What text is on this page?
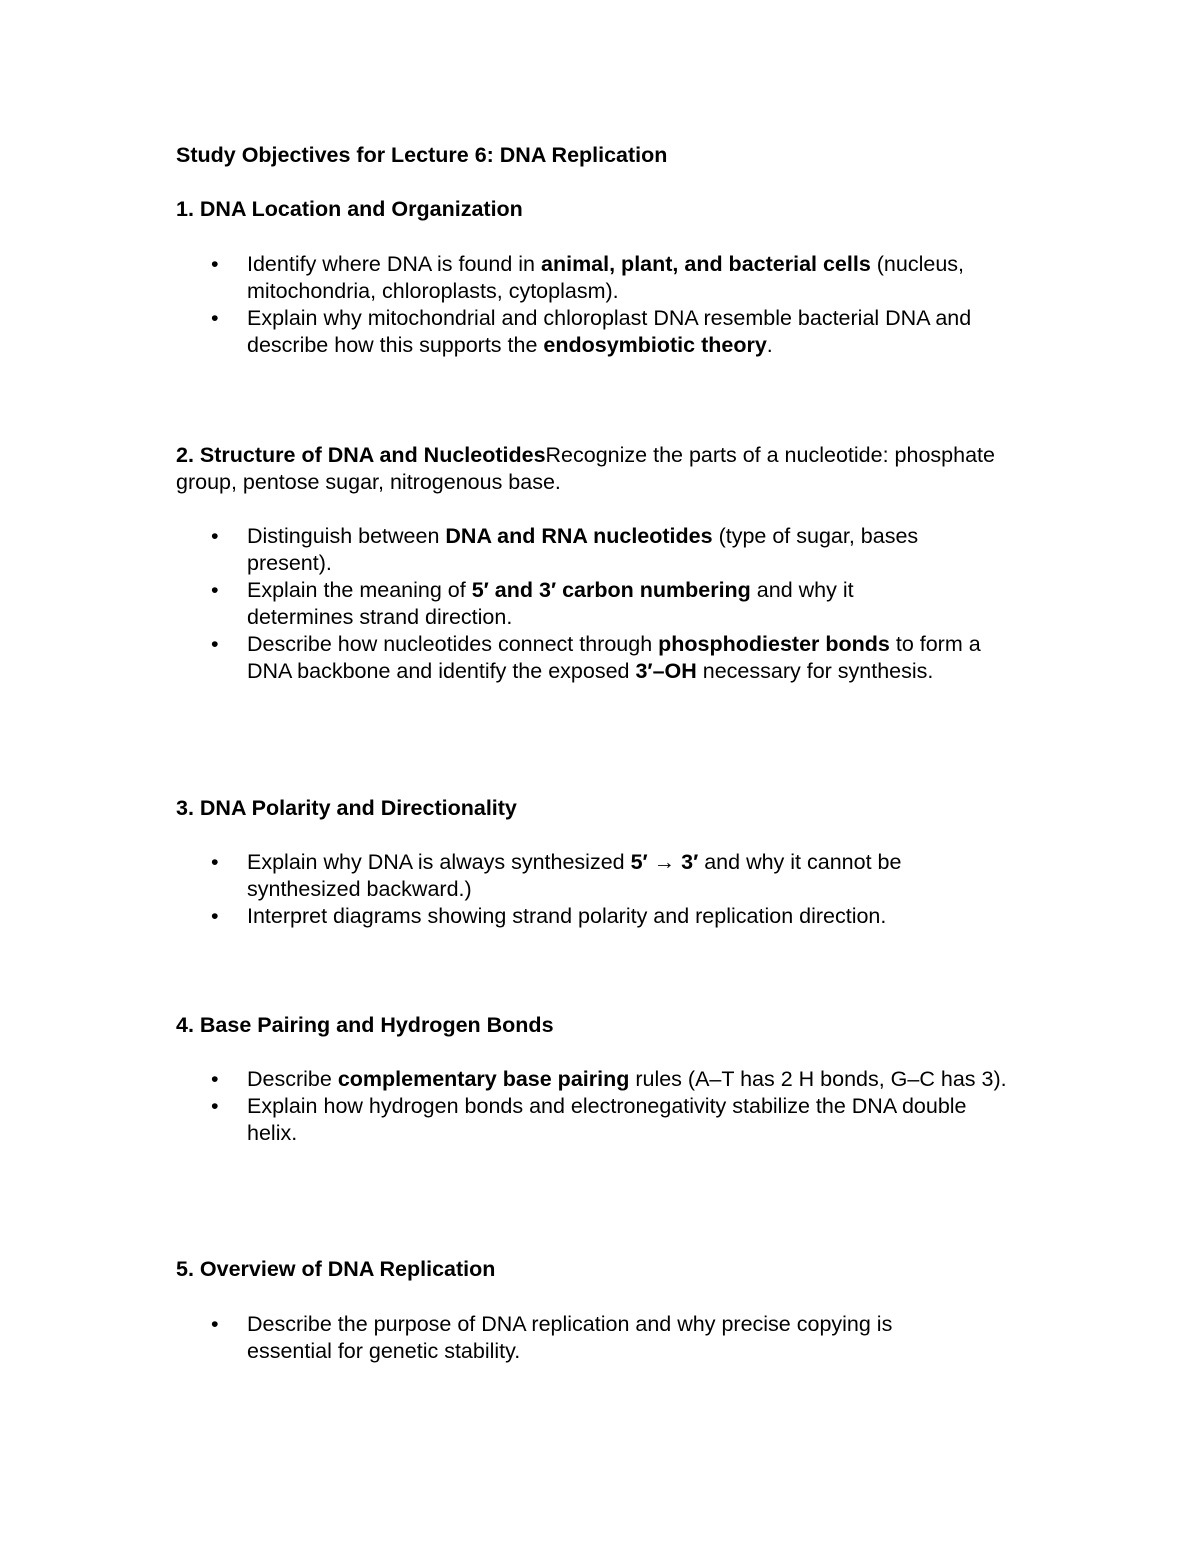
Study Objectives for Lecture 6: DNA Replication
1. DNA Location and Organization
• Identify where DNA is found in animal, plant, and bacterial cells (nucleus, mitochondria, chloroplasts, cytoplasm).
• Explain why mitochondrial and chloroplast DNA resemble bacterial DNA and describe how this supports the endosymbiotic theory.
2. Structure of DNA and NucleotidesRecognize the parts of a nucleotide: phosphate group, pentose sugar, nitrogenous base.
• Distinguish between DNA and RNA nucleotides (type of sugar, bases present).
• Explain the meaning of 5′ and 3′ carbon numbering and why it determines strand direction.
• Describe how nucleotides connect through phosphodiester bonds to form a DNA backbone and identify the exposed 3′–OH necessary for synthesis.
3. DNA Polarity and Directionality
• Explain why DNA is always synthesized 5′ → 3′ and why it cannot be synthesized backward.)
• Interpret diagrams showing strand polarity and replication direction.
4. Base Pairing and Hydrogen Bonds
• Describe complementary base pairing rules (A–T has 2 H bonds, G–C has 3).
• Explain how hydrogen bonds and electronegativity stabilize the DNA double helix.
5. Overview of DNA Replication
• Describe the purpose of DNA replication and why precise copying is essential for genetic stability.
